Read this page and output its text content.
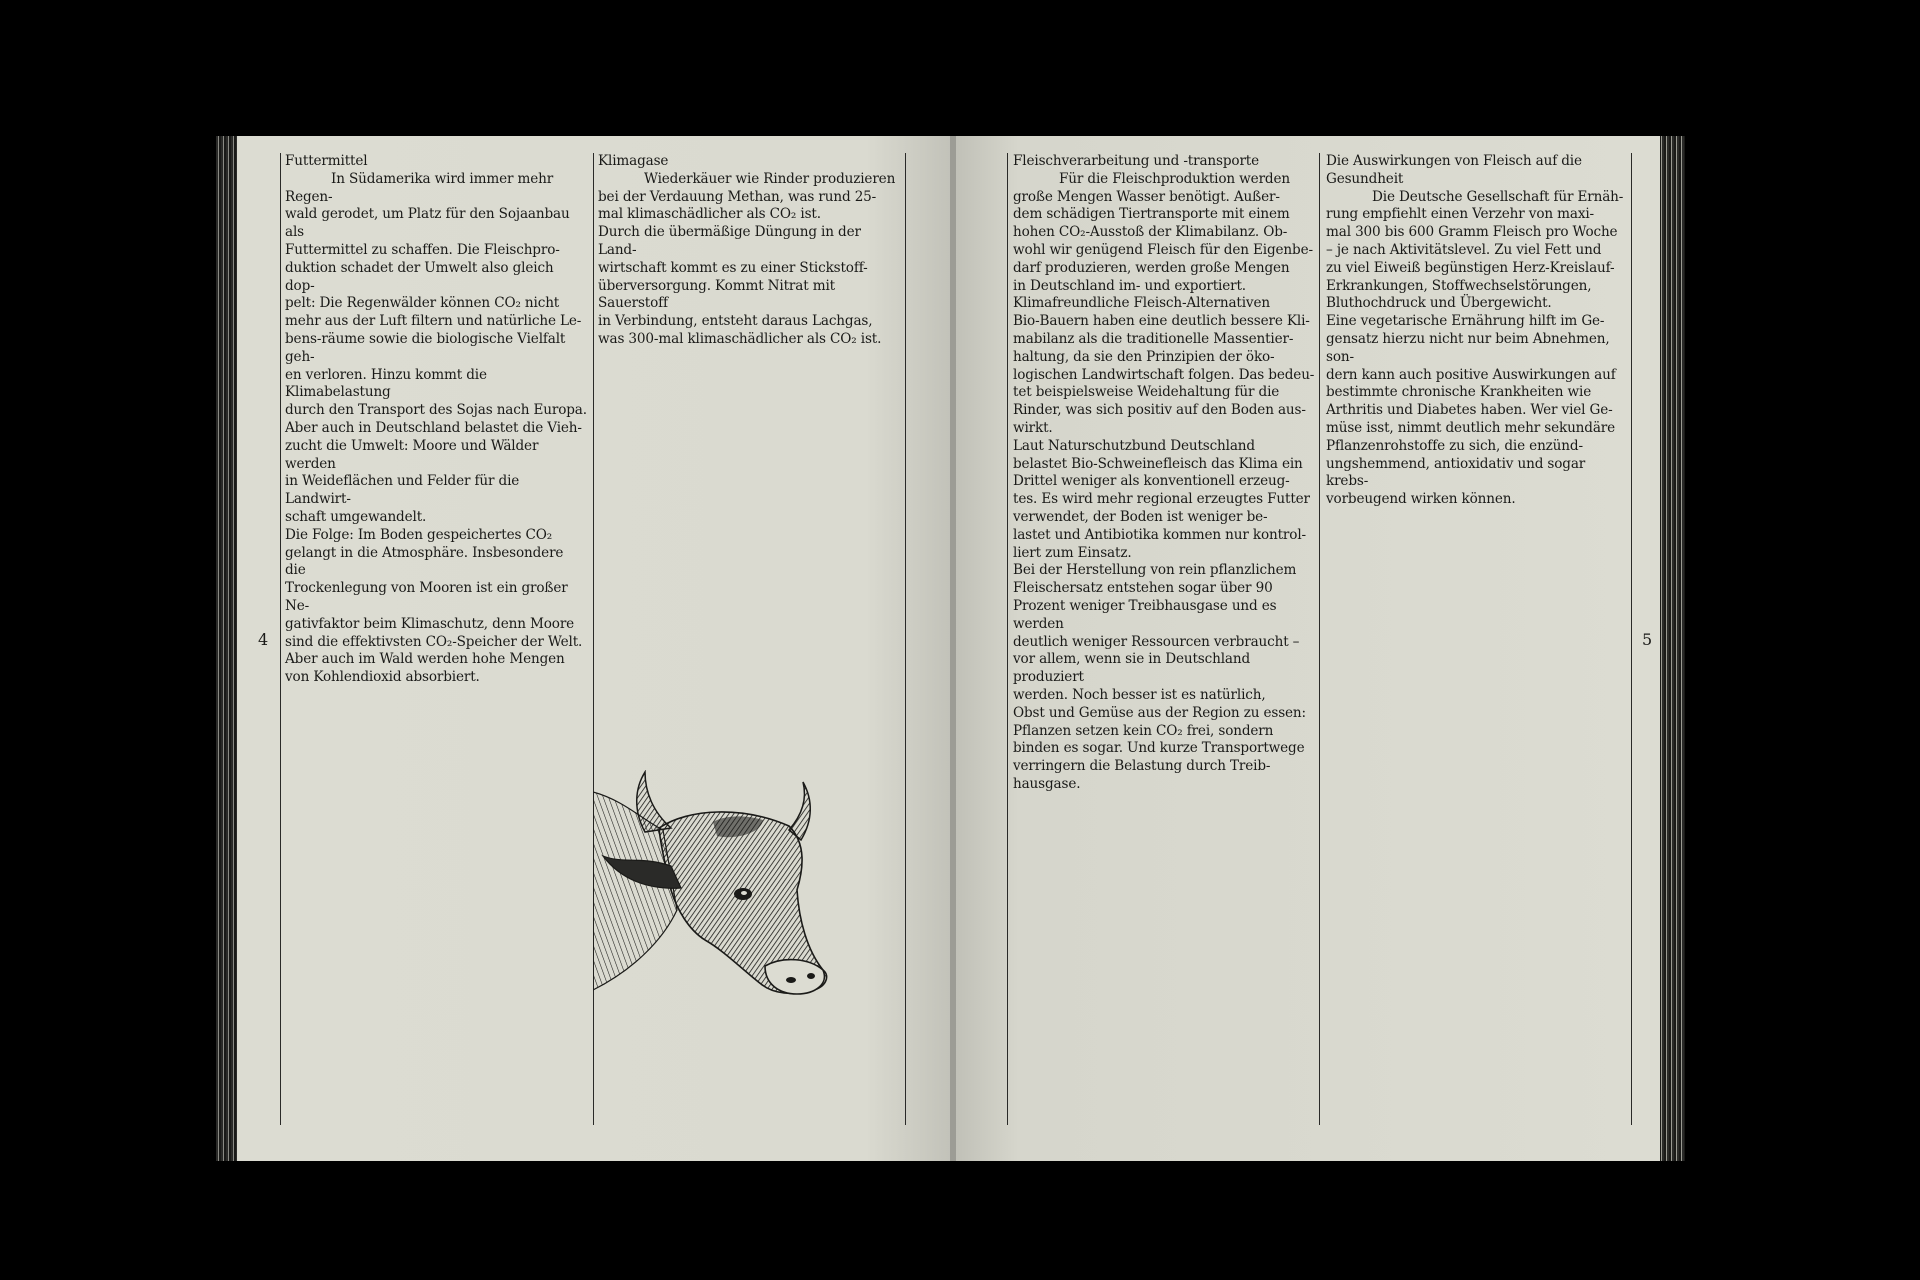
4	5

Futtermittel

In Südamerika wird immer mehr Regen-
wald gerodet, um Platz für den Sojaanbau als
Futtermittel zu schaffen. Die Fleischpro-
duktion schadet der Umwelt also gleich dop-
pelt: Die Regenwälder können CO₂ nicht
mehr aus der Luft filtern und natürliche Le-
bens-räume sowie die biologische Vielfalt geh-
en verloren. Hinzu kommt die Klimabelastung
durch den Transport des Sojas nach Europa.

Aber auch in Deutschland belastet die Vieh-
zucht die Umwelt: Moore und Wälder werden
in Weideflächen und Felder für die Landwirt-
schaft umgewandelt.

Die Folge: Im Boden gespeichertes CO₂
gelangt in die Atmosphäre. Insbesondere die
Trockenlegung von Mooren ist ein großer Ne-
gativfaktor beim Klimaschutz, denn Moore
sind die effektivsten CO₂-Speicher der Welt.
Aber auch im Wald werden hohe Mengen
von Kohlendioxid absorbiert.

Klimagase

Wiederkäuer wie Rinder produzieren
bei der Verdauung Methan, was rund 25-
mal klimaschädlicher als CO₂ ist.

Durch die übermäßige Düngung in der Land-
wirtschaft kommt es zu einer Stickstoff-
überversorgung. Kommt Nitrat mit Sauerstoff
in Verbindung, entsteht daraus Lachgas,
was 300-mal klimaschädlicher als CO₂ ist.

Fleischverarbeitung und -transporte

Für die Fleischproduktion werden
große Mengen Wasser benötigt. Außer-
dem schädigen Tiertransporte mit einem
hohen CO₂-Ausstoß der Klimabilanz. Ob-
wohl wir genügend Fleisch für den Eigenbe-
darf produzieren, werden große Mengen
in Deutschland im- und exportiert.

Klimafreundliche Fleisch-Alternativen
Bio-Bauern haben eine deutlich bessere Kli-
mabilanz als die traditionelle Massentier-
haltung, da sie den Prinzipien der öko-
logischen Landwirtschaft folgen. Das bedeu-
tet beispielsweise Weidehaltung für die
Rinder, was sich positiv auf den Boden aus-
wirkt.

Laut Naturschutzbund Deutschland
belastet Bio-Schweinefleisch das Klima ein
Drittel weniger als konventionell erzeug-
tes. Es wird mehr regional erzeugtes Futter
verwendet, der Boden ist weniger be-
lastet und Antibiotika kommen nur kontrol-
liert zum Einsatz.

Bei der Herstellung von rein pflanzlichem
Fleischersatz entstehen sogar über 90
Prozent weniger Treibhausgase und es werden
deutlich weniger Ressourcen verbraucht –
vor allem, wenn sie in Deutschland produziert
werden. Noch besser ist es natürlich,
Obst und Gemüse aus der Region zu essen:
Pflanzen setzen kein CO₂ frei, sondern
binden es sogar. Und kurze Transportwege
verringern die Belastung durch Treib-
hausgase.

Die Auswirkungen von Fleisch auf die
Gesundheit

Die Deutsche Gesellschaft für Ernäh-
rung empfiehlt einen Verzehr von maxi-
mal 300 bis 600 Gramm Fleisch pro Woche
– je nach Aktivitätslevel. Zu viel Fett und
zu viel Eiweiß begünstigen Herz-Kreislauf-
Erkrankungen, Stoffwechselstörungen,
Bluthochdruck und Übergewicht.

Eine vegetarische Ernährung hilft im Ge-
gensatz hierzu nicht nur beim Abnehmen, son-
dern kann auch positive Auswirkungen auf
bestimmte chronische Krankheiten wie
Arthritis und Diabetes haben. Wer viel Ge-
müse isst, nimmt deutlich mehr sekundäre
Pflanzenrohstoffe zu sich, die enzünd-
ungshemmend, antioxidativ und sogar krebs-
vorbeugend wirken können.
